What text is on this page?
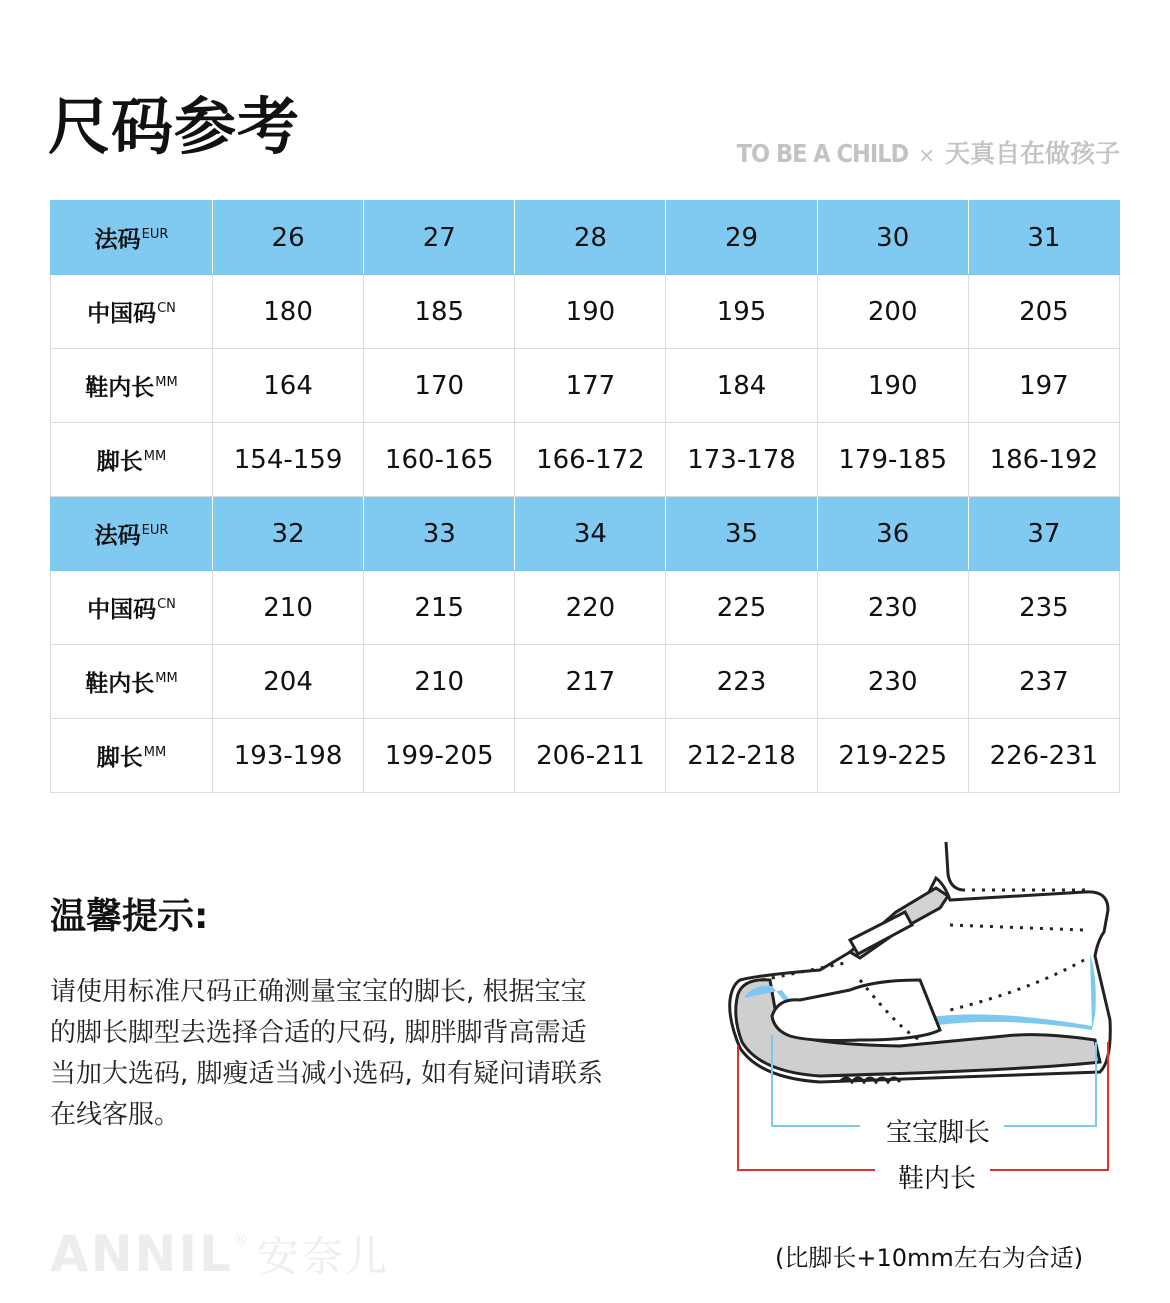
尺码参考	TO BE A CHILD × 天真自在做孩子
法码$^{EUR}$	26	27	28	29	30	31
中国码$^{CN}$	180	185	190	195	200	205
鞋内长$^{MM}$	164	170	177	184	190	197
脚长$^{MM}$	154-159	160-165	166-172	173-178	179-185	186-192
法码$^{EUR}$	32	33	34	35	36	37
中国码$^{CN}$	210	215	220	225	230	235
鞋内长$^{MM}$	204	210	217	223	230	237
脚长$^{MM}$	193-198	199-205	206-211	212-218	219-225	226-231
温馨提示:
请使用标准尺码正确测量宝宝的脚长, 根据宝宝的脚长脚型去选择合适的尺码, 脚胖脚背高需适当加大选码, 脚瘦适当减小选码, 如有疑问请联系在线客服。
宝宝脚长
鞋内长
(比脚长+10mm左右为合适)
ANNIL® 安奈儿
